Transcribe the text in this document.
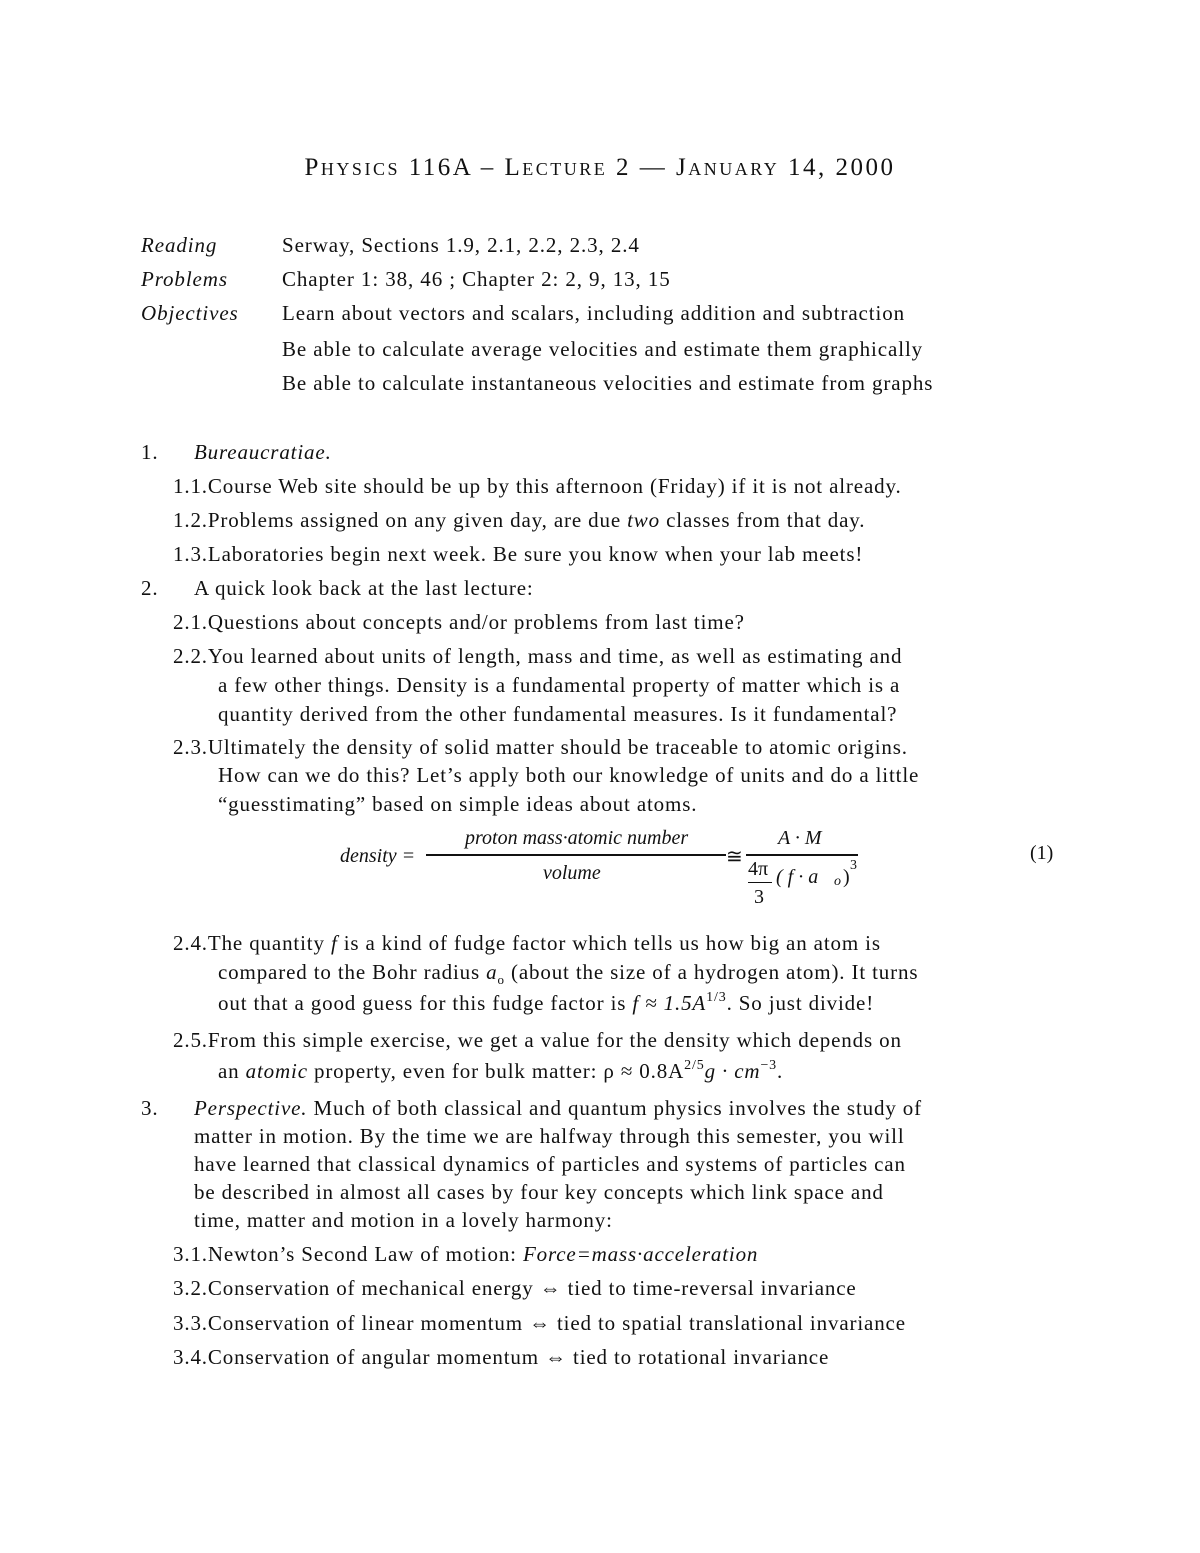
Physics 116A – Lecture 2 — January 14, 2000
Reading	Serway, Sections 1.9, 2.1, 2.2, 2.3, 2.4
Problems	Chapter 1: 38, 46 ; Chapter 2: 2, 9, 13, 15
Objectives	Learn about vectors and scalars, including addition and subtraction
Be able to calculate average velocities and estimate them graphically
Be able to calculate instantaneous velocities and estimate from graphs
1. Bureaucratiae.
1.1.Course Web site should be up by this afternoon (Friday) if it is not already.
1.2.Problems assigned on any given day, are due two classes from that day.
1.3.Laboratories begin next week. Be sure you know when your lab meets!
2. A quick look back at the last lecture:
2.1.Questions about concepts and/or problems from last time?
2.2.You learned about units of length, mass and time, as well as estimating and
a few other things. Density is a fundamental property of matter which is a
quantity derived from the other fundamental measures. Is it fundamental?
2.3.Ultimately the density of solid matter should be traceable to atomic origins.
How can we do this? Let’s apply both our knowledge of units and do a little
“guesstimating” based on simple ideas about atoms.
density =
proton mass·atomic number
volume
≅
A · M
4π
3
( f · a o )
3
(1)
2.4.The quantity f is a kind of fudge factor which tells us how big an atom is
compared to the Bohr radius $a_o$ (about the size of a hydrogen atom). It turns
out that a good guess for this fudge factor is $f \approx 1.5A^{1/3}$. So just divide!
2.5.From this simple exercise, we get a value for the density which depends on
an atomic property, even for bulk matter: $\rho \approx 0.8A^{2/5}g \cdot cm^{-3}$.
3. Perspective. Much of both classical and quantum physics involves the study of
matter in motion. By the time we are halfway through this semester, you will
have learned that classical dynamics of particles and systems of particles can
be described in almost all cases by four key concepts which link space and
time, matter and motion in a lovely harmony:
3.1.Newton’s Second Law of motion: Force=mass·acceleration
3.2.Conservation of mechanical energy ⇔ tied to time-reversal invariance
3.3.Conservation of linear momentum ⇔ tied to spatial translational invariance
3.4.Conservation of angular momentum ⇔ tied to rotational invariance
